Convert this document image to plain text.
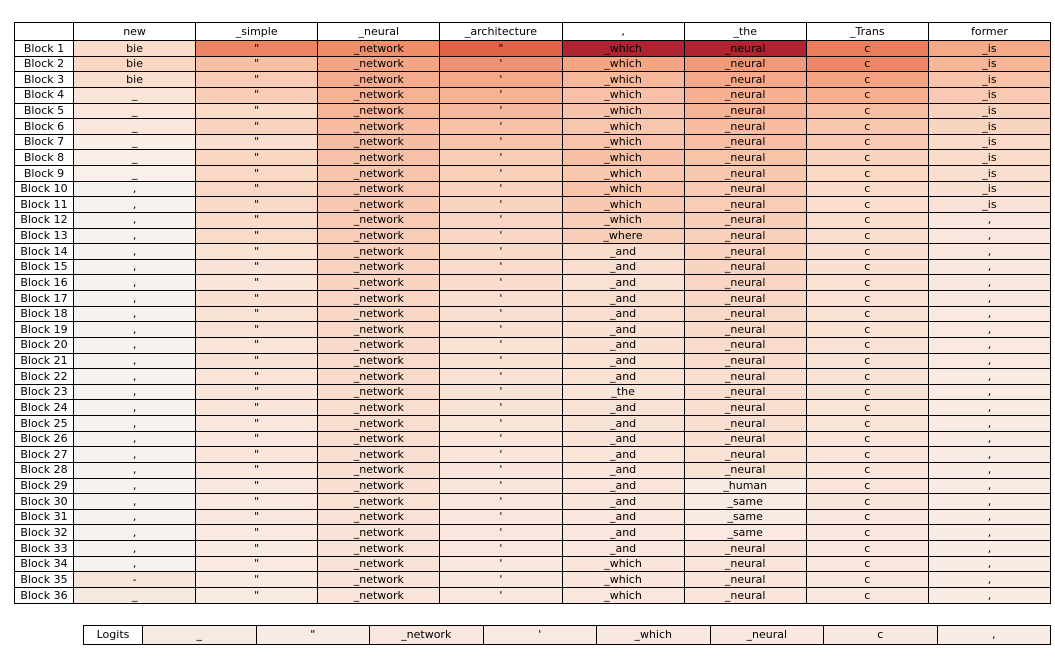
	new	_simple	_neural	_architecture	,	_the	_Trans	former
Block 1	bie	"	_network	"	_which	_neural	c	_is
Block 2	bie	"	_network	'	_which	_neural	c	_is
Block 3	bie	"	_network	'	_which	_neural	c	_is
Block 4	_	"	_network	'	_which	_neural	c	_is
Block 5	_	"	_network	'	_which	_neural	c	_is
Block 6	_	"	_network	'	_which	_neural	c	_is
Block 7	_	"	_network	'	_which	_neural	c	_is
Block 8	_	"	_network	'	_which	_neural	c	_is
Block 9	_	"	_network	'	_which	_neural	c	_is
Block 10	,	"	_network	'	_which	_neural	c	_is
Block 11	,	"	_network	'	_which	_neural	c	_is
Block 12	,	"	_network	'	_which	_neural	c	,
Block 13	,	"	_network	'	_where	_neural	c	,
Block 14	,	"	_network	'	_and	_neural	c	,
Block 15	,	"	_network	'	_and	_neural	c	,
Block 16	,	"	_network	'	_and	_neural	c	,
Block 17	,	"	_network	'	_and	_neural	c	,
Block 18	,	"	_network	'	_and	_neural	c	,
Block 19	,	"	_network	'	_and	_neural	c	,
Block 20	,	"	_network	'	_and	_neural	c	,
Block 21	,	"	_network	'	_and	_neural	c	,
Block 22	,	"	_network	'	_and	_neural	c	,
Block 23	,	"	_network	'	_the	_neural	c	,
Block 24	,	"	_network	'	_and	_neural	c	,
Block 25	,	"	_network	'	_and	_neural	c	,
Block 26	,	"	_network	'	_and	_neural	c	,
Block 27	,	"	_network	'	_and	_neural	c	,
Block 28	,	"	_network	'	_and	_neural	c	,
Block 29	,	"	_network	'	_and	_human	c	,
Block 30	,	"	_network	'	_and	_same	c	,
Block 31	,	"	_network	'	_and	_same	c	,
Block 32	,	"	_network	'	_and	_same	c	,
Block 33	,	"	_network	'	_and	_neural	c	,
Block 34	,	"	_network	'	_which	_neural	c	,
Block 35	-	"	_network	'	_which	_neural	c	,
Block 36	_	"	_network	'	_which	_neural	c	,
Logits	_	"	_network	'	_which	_neural	c	,
